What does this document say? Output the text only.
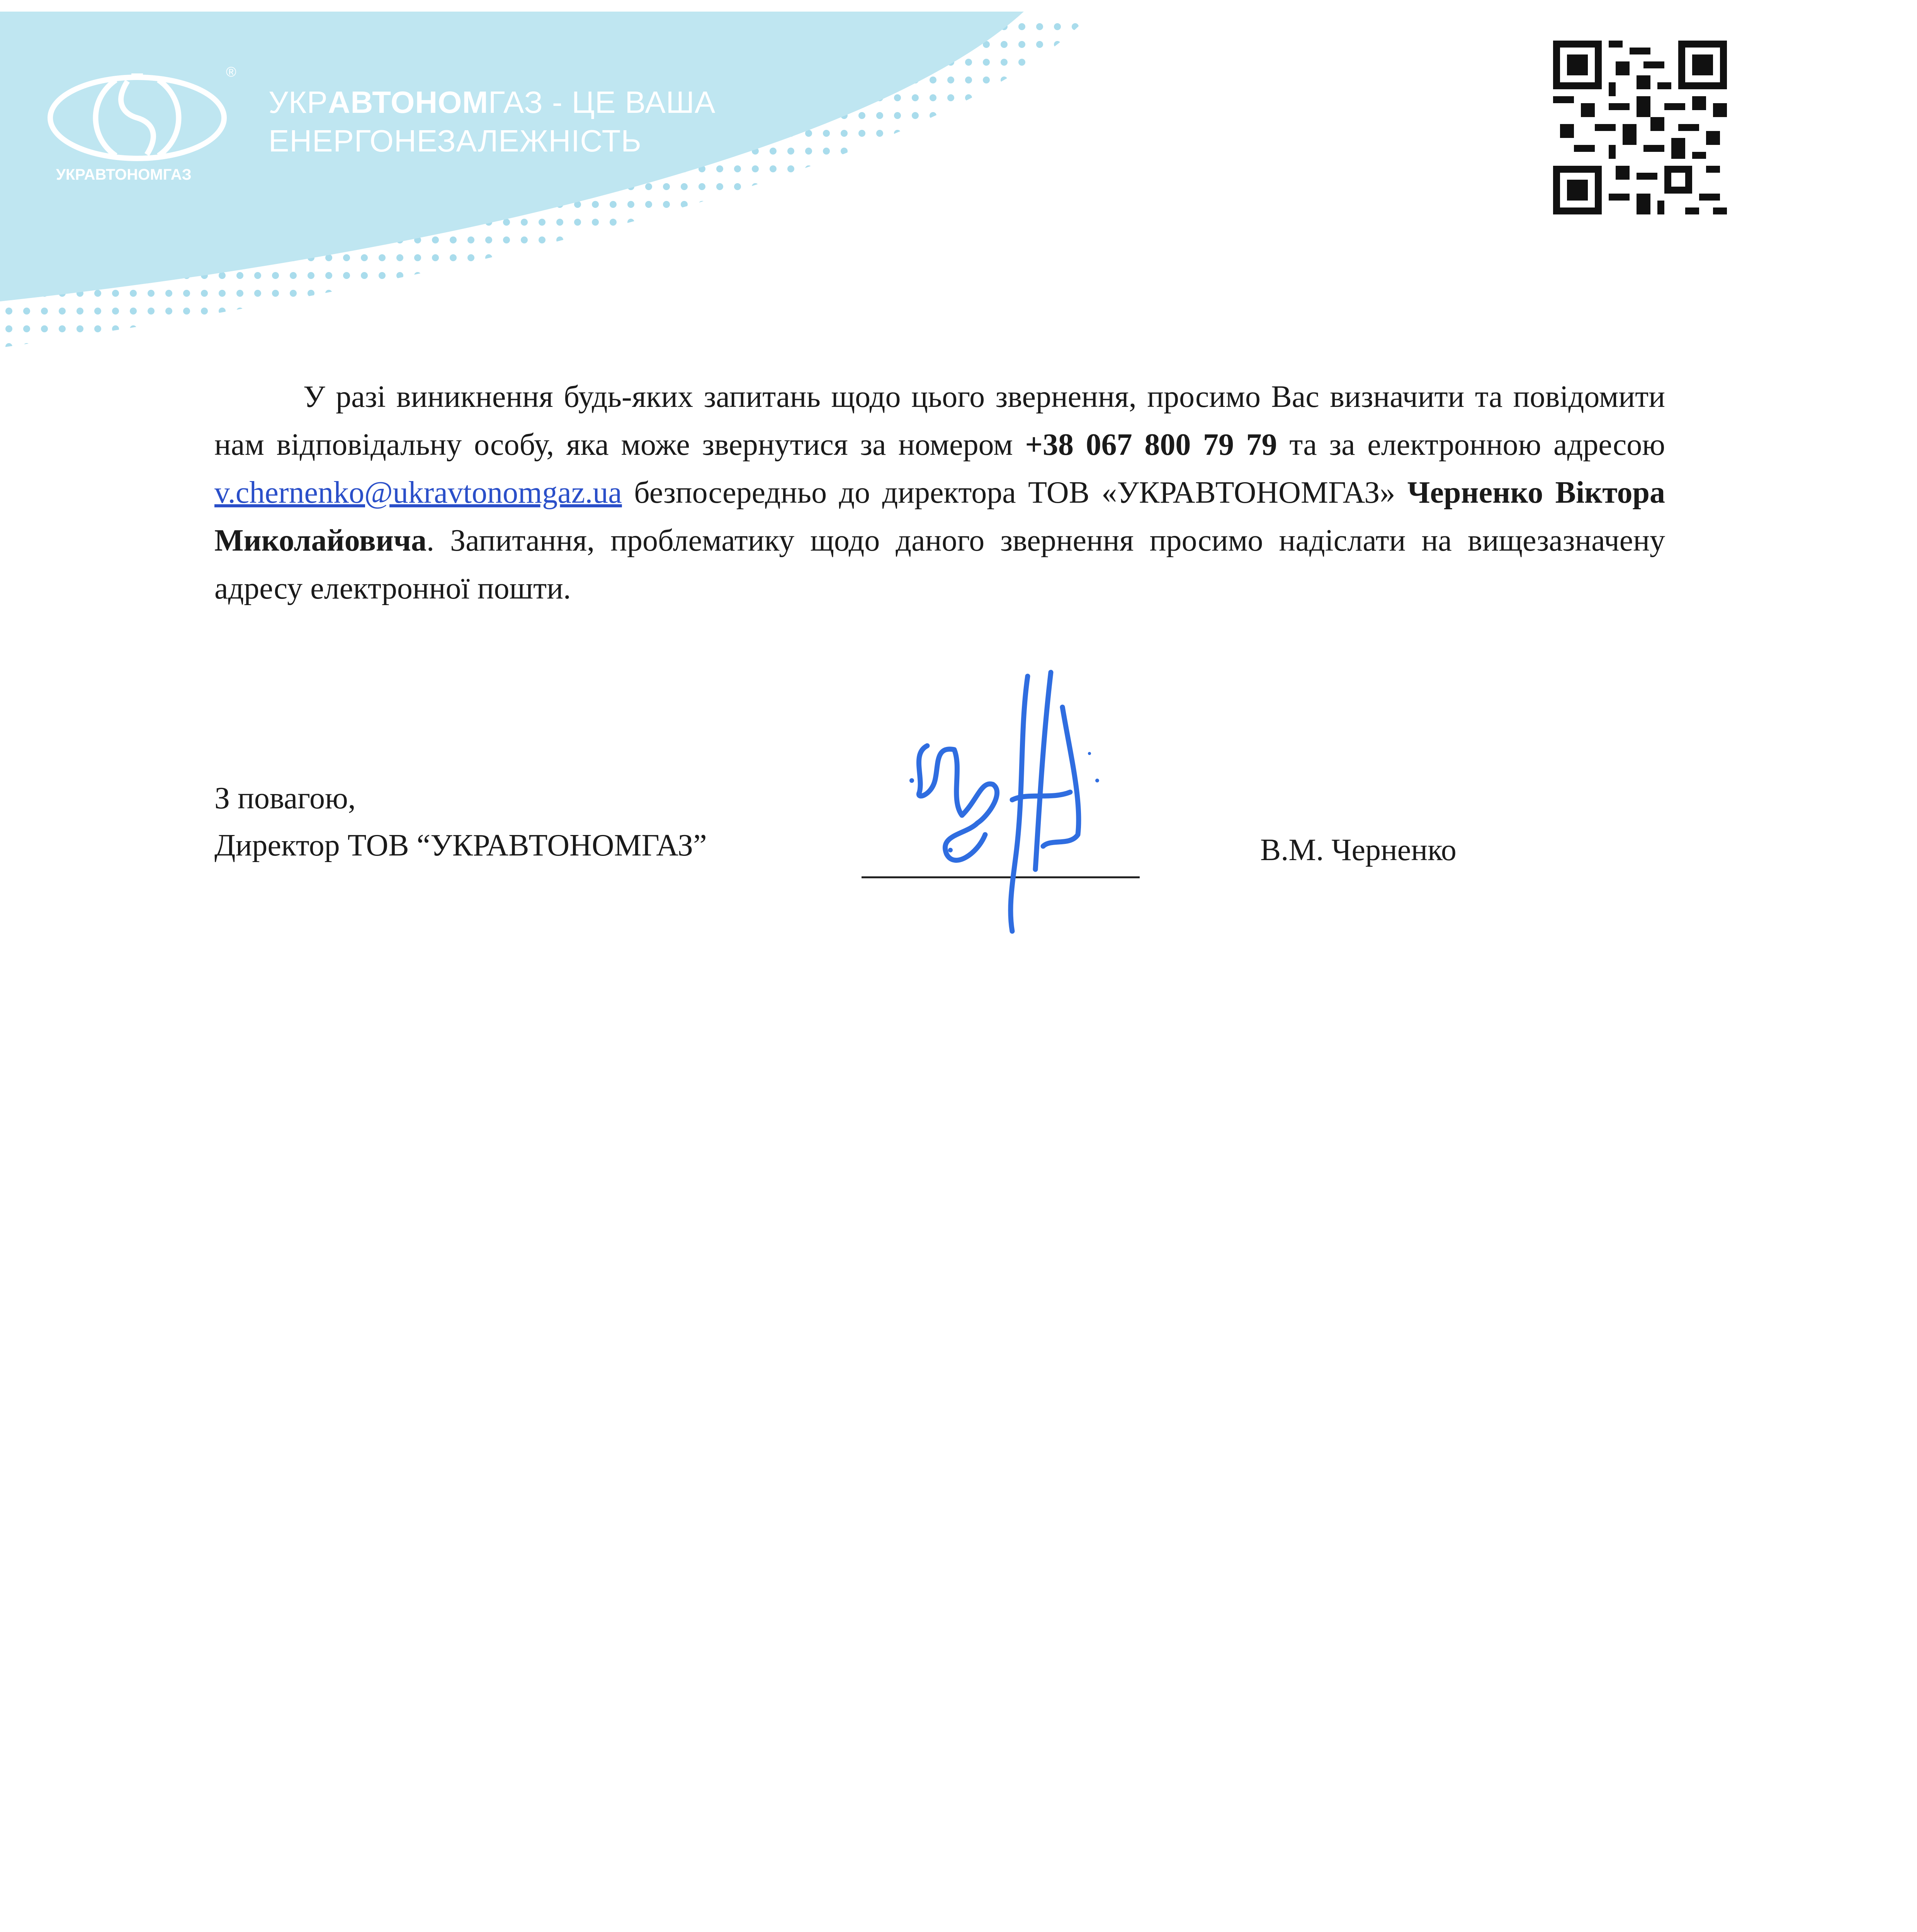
®
УКРАВТОНОМГАЗ
УКРАВТОНОМГАЗ - ЦЕ ВАША
ЕНЕРГОНЕЗАЛЕЖНІСТЬ

У разі виникнення будь-яких запитань щодо цього звернення, просимо Вас визначити та повідомити нам відповідальну особу, яка може звернутися за номером +38 067 800 79 79 та за електронною адресою v.chernenko@ukravtonomgaz.ua безпосередньо до директора ТОВ «УКРАВТОНОМГАЗ» Черненко Віктора Миколайовича. Запитання, проблематику щодо даного звернення просимо надіслати на вищезазначену адресу електронної пошти.

З повагою,
Директор ТОВ “УКРАВТОНОМГАЗ”	В.М. Черненко
